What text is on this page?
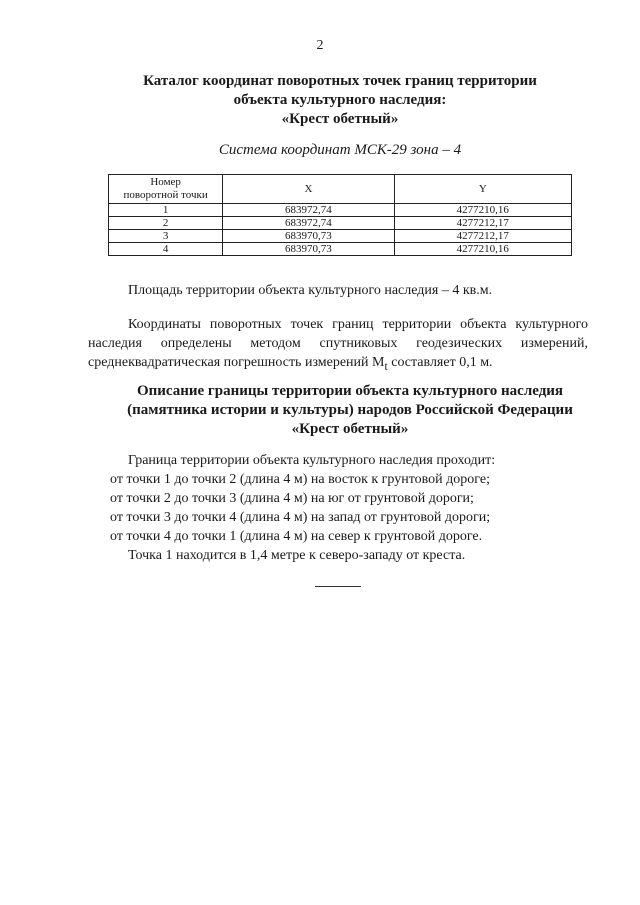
2
Каталог координат поворотных точек границ территории
объекта культурного наследия:
«Крест обетный»
Система координат МСК-29 зона – 4
Номер
поворотной точки	X	Y
1	683972,74	4277210,16
2	683972,74	4277212,17
3	683970,73	4277212,17
4	683970,73	4277210,16
Площадь территории объекта культурного наследия – 4 кв.м.
Координаты поворотных точек границ территории объекта культурного наследия определены методом спутниковых геодезических измерений, среднеквадратическая погрешность измерений $M_t$ составляет 0,1 м.
Описание границы территории объекта культурного наследия
(памятника истории и культуры) народов Российской Федерации
«Крест обетный»
Граница территории объекта культурного наследия проходит:
от точки 1 до точки 2 (длина 4 м) на восток к грунтовой дороге;
от точки 2 до точки 3 (длина 4 м) на юг от грунтовой дороги;
от точки 3 до точки 4 (длина 4 м) на запад от грунтовой дороги;
от точки 4 до точки 1 (длина 4 м) на север к грунтовой дороге.
Точка 1 находится в 1,4 метре к северо-западу от креста.
